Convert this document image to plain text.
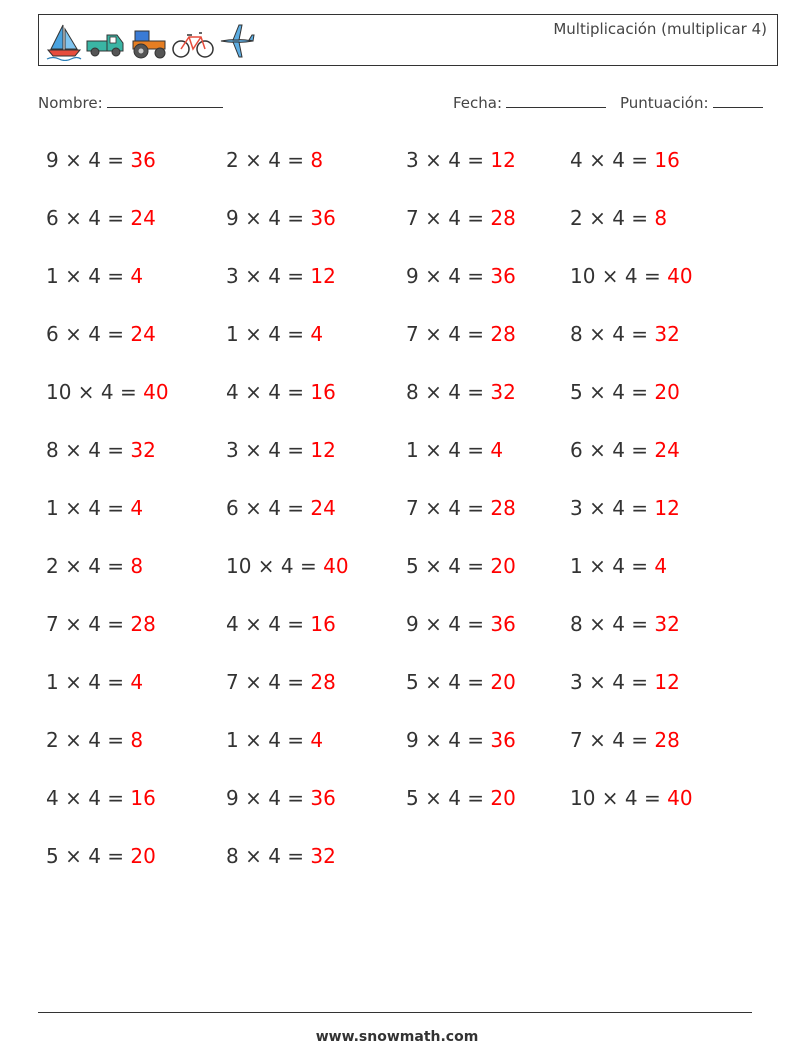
Multiplicación (multiplicar 4)
Nombre:	Fecha:	Puntuación:
9 × 4 = 36	2 × 4 = 8	3 × 4 = 12	4 × 4 = 16
6 × 4 = 24	9 × 4 = 36	7 × 4 = 28	2 × 4 = 8
1 × 4 = 4	3 × 4 = 12	9 × 4 = 36	10 × 4 = 40
6 × 4 = 24	1 × 4 = 4	7 × 4 = 28	8 × 4 = 32
10 × 4 = 40	4 × 4 = 16	8 × 4 = 32	5 × 4 = 20
8 × 4 = 32	3 × 4 = 12	1 × 4 = 4	6 × 4 = 24
1 × 4 = 4	6 × 4 = 24	7 × 4 = 28	3 × 4 = 12
2 × 4 = 8	10 × 4 = 40	5 × 4 = 20	1 × 4 = 4
7 × 4 = 28	4 × 4 = 16	9 × 4 = 36	8 × 4 = 32
1 × 4 = 4	7 × 4 = 28	5 × 4 = 20	3 × 4 = 12
2 × 4 = 8	1 × 4 = 4	9 × 4 = 36	7 × 4 = 28
4 × 4 = 16	9 × 4 = 36	5 × 4 = 20	10 × 4 = 40
5 × 4 = 20	8 × 4 = 32
www.snowmath.com
